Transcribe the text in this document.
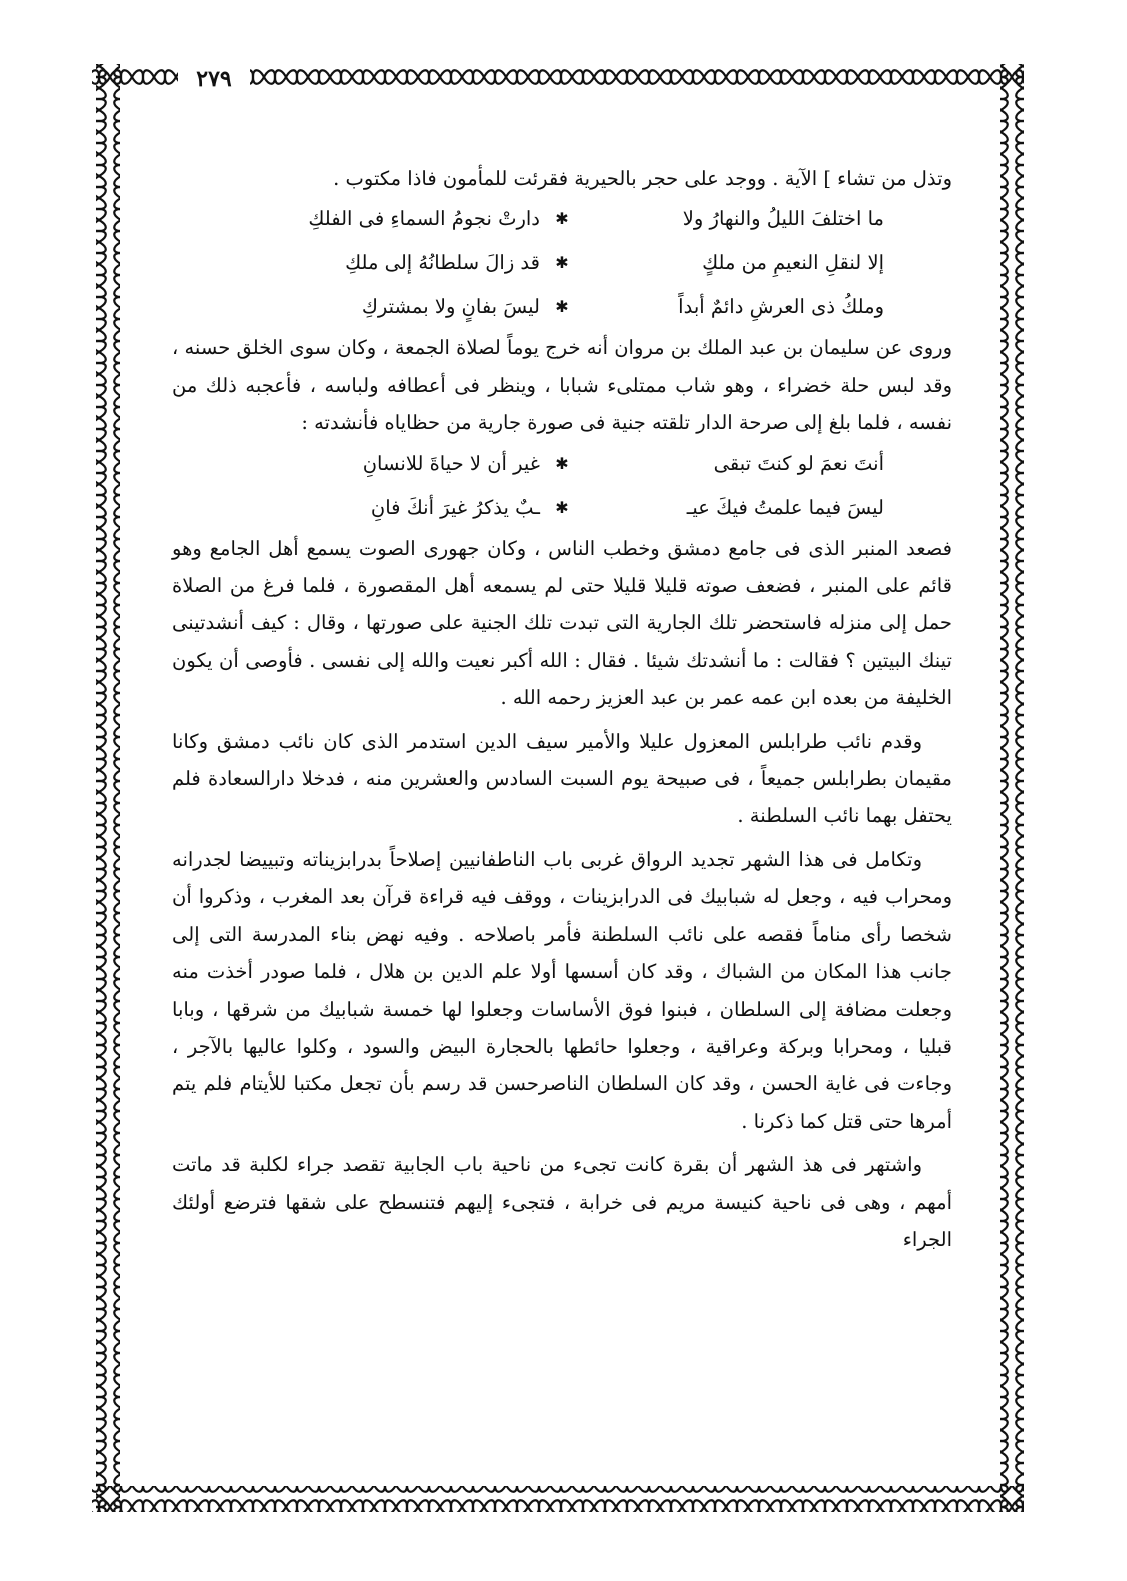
٢٧٩

وتذل من تشاء ] الآية . ووجد على حجر بالحيرية فقرئت للمأمون فاذا مكتوب .

ما اختلفَ الليلُ والنهارُ ولا
✱
دارتْ نجومُ السماءِ فى الفلكِ
إلا لنقلِ النعيمِ من ملكٍ
✱
قد زالَ سلطانُهُ إلى ملكِ
وملكُ ذى العرشِ دائمٌ أبداً
✱
ليسَ بفانٍ ولا بمشتركِ

وروى عن سليمان بن عبد الملك بن مروان أنه خرج يوماً لصلاة الجمعة ، وكان سوى الخلق حسنه ، وقد لبس حلة خضراء ، وهو شاب ممتلىء شبابا ، وينظر فى أعطافه ولباسه ، فأعجبه ذلك من نفسه ، فلما بلغ إلى صرحة الدار تلقته جنية فى صورة جارية من حظاياه فأنشدته :

أنتَ نعمَ لو كنتَ تبقى
✱
غير أن لا حياةَ للانسانِ
ليسَ فيما علمتُ فيكَ عيـ
✱
ـبٌ يذكرُ غيرَ أنكَ فانِ

فصعد المنبر الذى فى جامع دمشق وخطب الناس ، وكان جهورى الصوت يسمع أهل الجامع وهو قائم على المنبر ، فضعف صوته قليلا قليلا حتى لم يسمعه أهل المقصورة ، فلما فرغ من الصلاة حمل إلى منزله فاستحضر تلك الجارية التى تبدت تلك الجنية على صورتها ، وقال : كيف أنشدتينى تينك البيتين ؟ فقالت : ما أنشدتك شيئا . فقال : الله أكبر نعيت والله إلى نفسى . فأوصى أن يكون الخليفة من بعده ابن عمه عمر بن عبد العزيز رحمه الله .

وقدم نائب طرابلس المعزول عليلا والأمير سيف الدين استدمر الذى كان نائب دمشق وكانا مقيمان بطرابلس جميعاً ، فى صبيحة يوم السبت السادس والعشرين منه ، فدخلا دارالسعادة فلم يحتفل بهما نائب السلطنة .

وتكامل فى هذا الشهر تجديد الرواق غربى باب الناطفانيين إصلاحاً بدرابزيناته وتبييضا لجدرانه ومحراب فيه ، وجعل له شبابيك فى الدرابزينات ، ووقف فيه قراءة قرآن بعد المغرب ، وذكروا أن شخصا رأى مناماً فقصه على نائب السلطنة فأمر باصلاحه . وفيه نهض بناء المدرسة التى إلى جانب هذا المكان من الشباك ، وقد كان أسسها أولا علم الدين بن هلال ، فلما صودر أخذت منه وجعلت مضافة إلى السلطان ، فبنوا فوق الأساسات وجعلوا لها خمسة شبابيك من شرقها ، وبابا قبليا ، ومحرابا وبركة وعراقية ، وجعلوا حائطها بالحجارة البيض والسود ، وكلوا عاليها بالآجر ، وجاءت فى غاية الحسن ، وقد كان السلطان الناصرحسن قد رسم بأن تجعل مكتبا للأيتام فلم يتم أمرها حتى قتل كما ذكرنا .

واشتهر فى هذ الشهر أن بقرة كانت تجىء من ناحية باب الجابية تقصد جراء لكلبة قد ماتت أمهم ، وهى فى ناحية كنيسة مريم فى خرابة ، فتجىء إليهم فتنسطح على شقها فترضع أولئك الجراء
